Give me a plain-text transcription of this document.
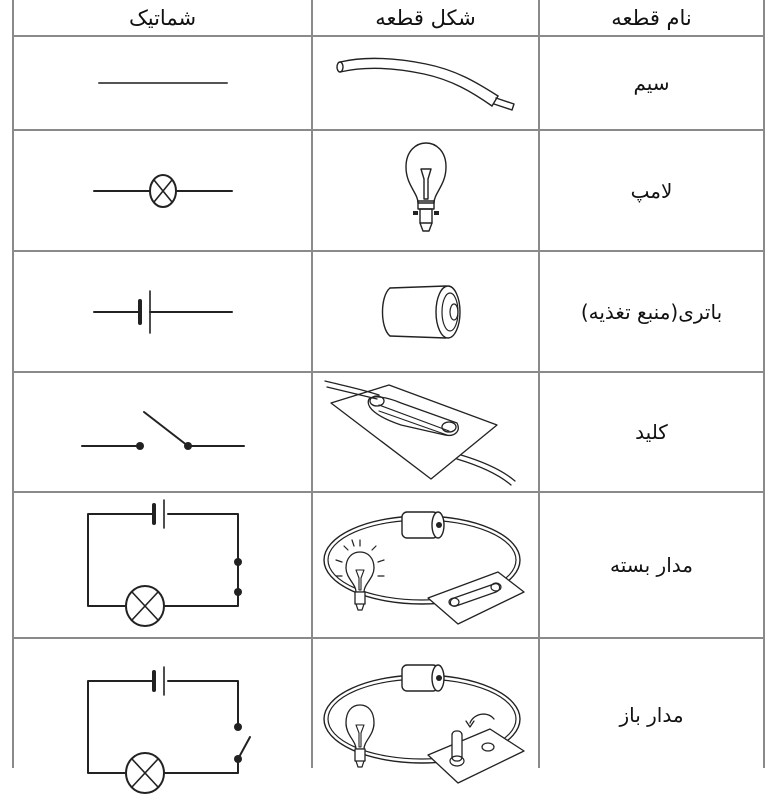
شماتیک	شکل قطعه	نام قطعه
سیم
لامپ
باتری(منبع تغذیه)
کلید
مدار بسته
مدار باز
